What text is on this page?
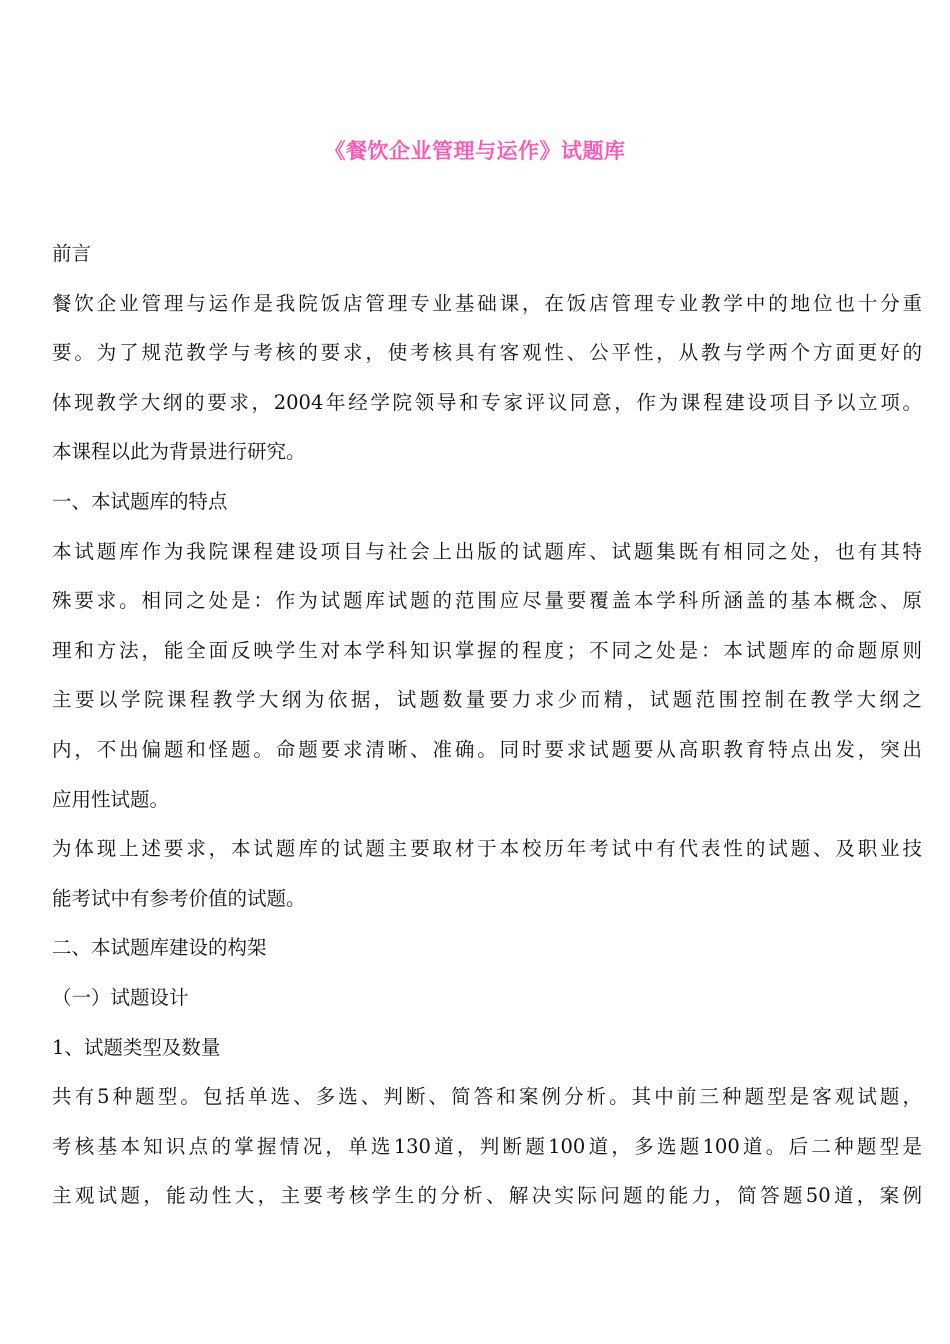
《餐饮企业管理与运作》试题库
前言
餐饮企业管理与运作是我院饭店管理专业基础课，在饭店管理专业教学中的地位也十分重
要。为了规范教学与考核的要求，使考核具有客观性、公平性，从教与学两个方面更好的
体现教学大纲的要求，2004年经学院领导和专家评议同意，作为课程建设项目予以立项。
本课程以此为背景进行研究。
一、本试题库的特点
本试题库作为我院课程建设项目与社会上出版的试题库、试题集既有相同之处，也有其特
殊要求。相同之处是：作为试题库试题的范围应尽量要覆盖本学科所涵盖的基本概念、原
理和方法，能全面反映学生对本学科知识掌握的程度；不同之处是：本试题库的命题原则
主要以学院课程教学大纲为依据，试题数量要力求少而精，试题范围控制在教学大纲之
内，不出偏题和怪题。命题要求清晰、准确。同时要求试题要从高职教育特点出发，突出
应用性试题。
为体现上述要求，本试题库的试题主要取材于本校历年考试中有代表性的试题、及职业技
能考试中有参考价值的试题。
二、本试题库建设的构架
（一）试题设计
1、试题类型及数量
共有5种题型。包括单选、多选、判断、简答和案例分析。其中前三种题型是客观试题，
考核基本知识点的掌握情况，单选130道，判断题100道，多选题100道。后二种题型是
主观试题，能动性大，主要考核学生的分析、解决实际问题的能力，简答题50道，案例
